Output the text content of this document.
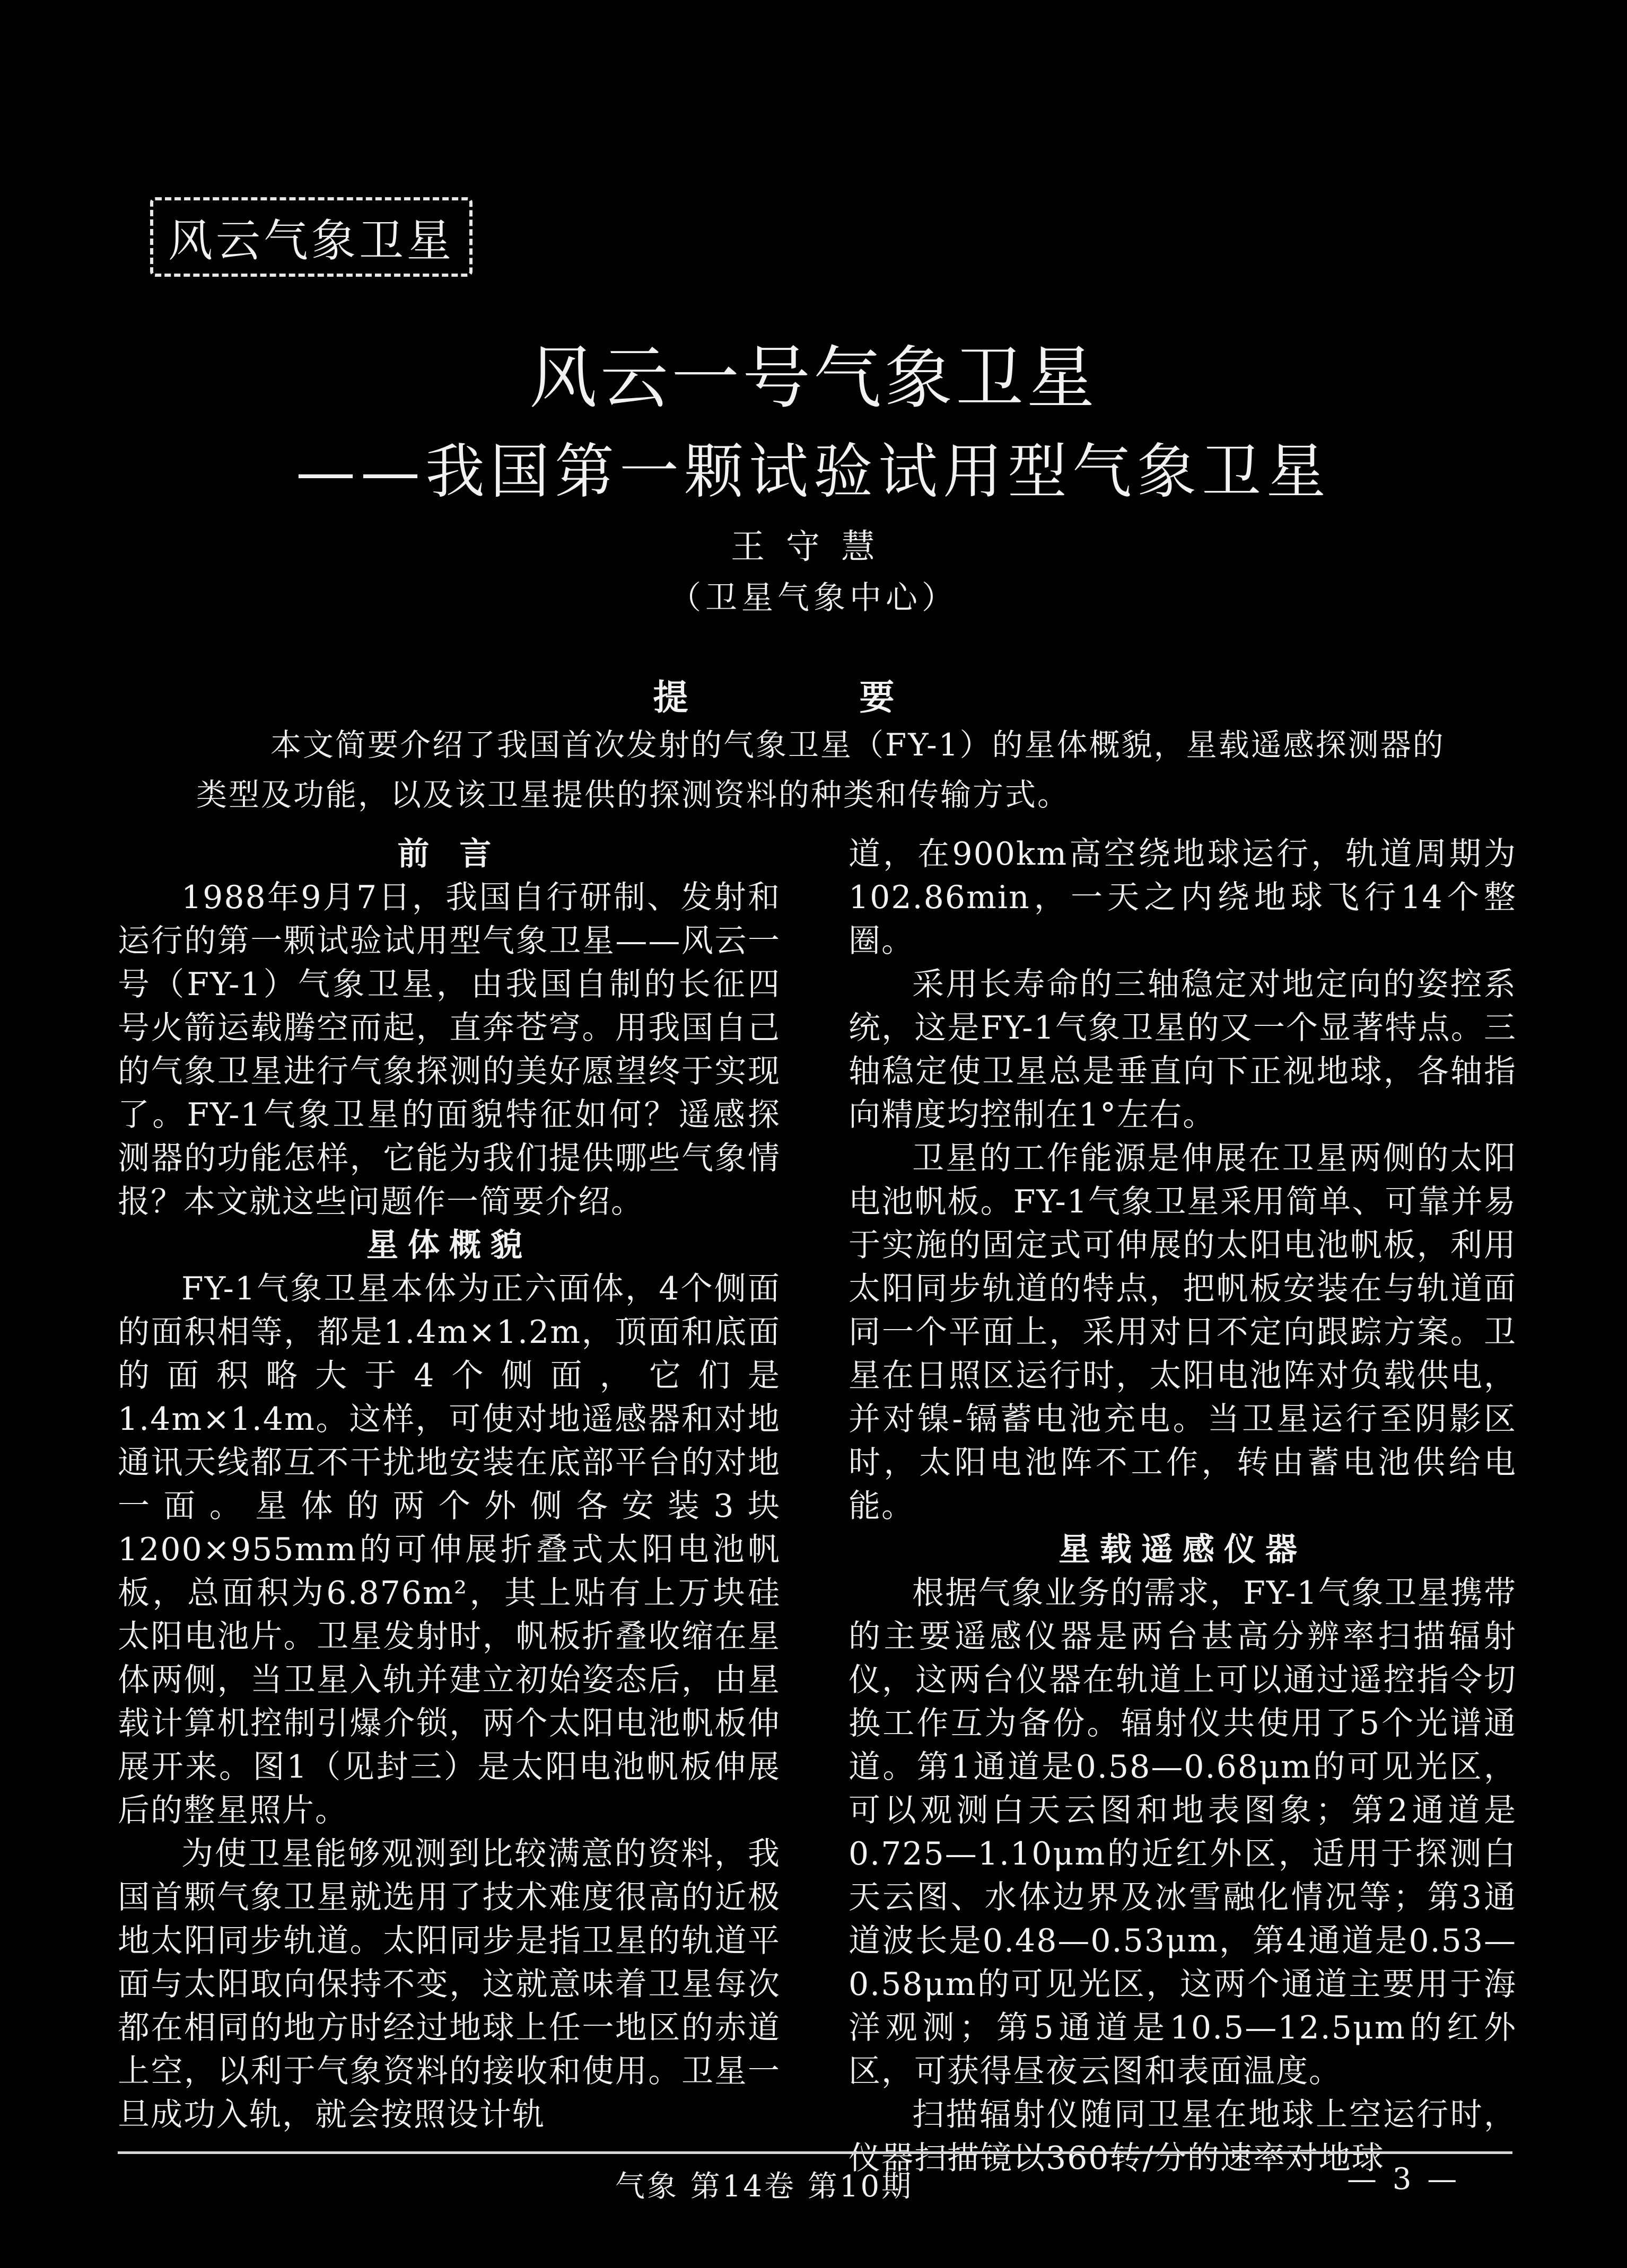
风云气象卫星
风云一号气象卫星
——我国第一颗试验试用型气象卫星
王守慧
（卫星气象中心）
提 要
本文简要介绍了我国首次发射的气象卫星（FY-1）的星体概貌，星载遥感探测器的类型及功能，以及该卫星提供的探测资料的种类和传输方式。
前 言

1988年9月7日，我国自行研制、发射和运行的第一颗试验试用型气象卫星——风云一号（FY-1）气象卫星，由我国自制的长征四号火箭运载腾空而起，直奔苍穹。用我国自己的气象卫星进行气象探测的美好愿望终于实现了。FY-1气象卫星的面貌特征如何？遥感探测器的功能怎样，它能为我们提供哪些气象情报？本文就这些问题作一简要介绍。

星体概貌

FY-1气象卫星本体为正六面体，4个侧面的面积相等，都是1.4m×1.2m，顶面和底面的面积略大于4个侧面，它们是1.4m×1.4m。这样，可使对地遥感器和对地通讯天线都互不干扰地安装在底部平台的对地一面。星体的两个外侧各安装3块1200×955mm的可伸展折叠式太阳电池帆板，总面积为6.876m²，其上贴有上万块硅太阳电池片。卫星发射时，帆板折叠收缩在星体两侧，当卫星入轨并建立初始姿态后，由星载计算机控制引爆介锁，两个太阳电池帆板伸展开来。图1（见封三）是太阳电池帆板伸展后的整星照片。

为使卫星能够观测到比较满意的资料，我国首颗气象卫星就选用了技术难度很高的近极地太阳同步轨道。太阳同步是指卫星的轨道平面与太阳取向保持不变，这就意味着卫星每次都在相同的地方时经过地球上任一地区的赤道上空，以利于气象资料的接收和使用。卫星一旦成功入轨，就会按照设计轨

道，在900km高空绕地球运行，轨道周期为102.86min，一天之内绕地球飞行14个整圈。

采用长寿命的三轴稳定对地定向的姿控系统，这是FY-1气象卫星的又一个显著特点。三轴稳定使卫星总是垂直向下正视地球，各轴指向精度均控制在1°左右。

卫星的工作能源是伸展在卫星两侧的太阳电池帆板。FY-1气象卫星采用简单、可靠并易于实施的固定式可伸展的太阳电池帆板，利用太阳同步轨道的特点，把帆板安装在与轨道面同一个平面上，采用对日不定向跟踪方案。卫星在日照区运行时，太阳电池阵对负载供电，并对镍-镉蓄电池充电。当卫星运行至阴影区时，太阳电池阵不工作，转由蓄电池供给电能。

星载遥感仪器

根据气象业务的需求，FY-1气象卫星携带的主要遥感仪器是两台甚高分辨率扫描辐射仪，这两台仪器在轨道上可以通过遥控指令切换工作互为备份。辐射仪共使用了5个光谱通道。第1通道是0.58—0.68μm的可见光区，可以观测白天云图和地表图象；第2通道是0.725—1.10μm的近红外区，适用于探测白天云图、水体边界及冰雪融化情况等；第3通道波长是0.48—0.53μm，第4通道是0.53—0.58μm的可见光区，这两个通道主要用于海洋观测；第5通道是10.5—12.5μm的红外区，可获得昼夜云图和表面温度。

扫描辐射仪随同卫星在地球上空运行时，仪器扫描镜以360转/分的速率对地球

气象 第14卷 第10期	— 3 —
